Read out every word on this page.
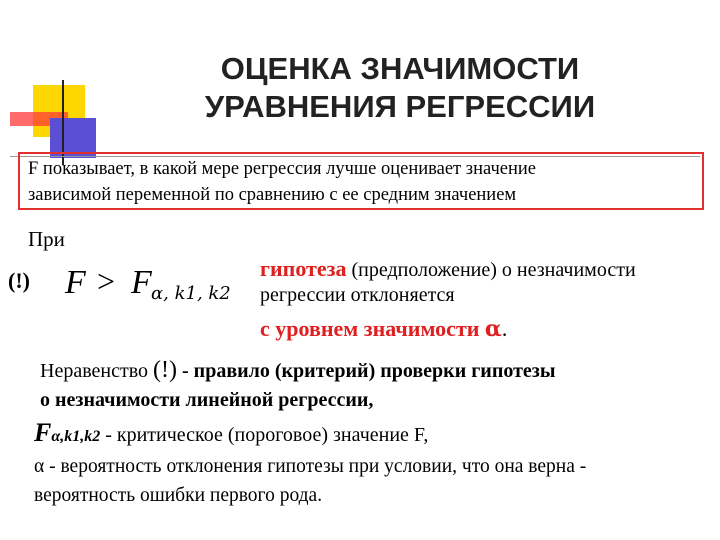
ОЦЕНКА ЗНАЧИМОСТИ
УРАВНЕНИЯ РЕГРЕССИИ
F показывает, в какой мере регрессия лучше оценивает значение
зависимой переменной по сравнению с ее средним значением
При
(!) F > F α, k1, k2
гипотеза (предположение) о незначимости
регрессии отклоняется
с уровнем значимости α.
Неравенство (!) - правило (критерий) проверки гипотезы
о незначимости линейной регрессии,
Fα,k1,k2 - критическое (пороговое) значение F,
α - вероятность отклонения гипотезы при условии, что она верна -
вероятность ошибки первого рода.
